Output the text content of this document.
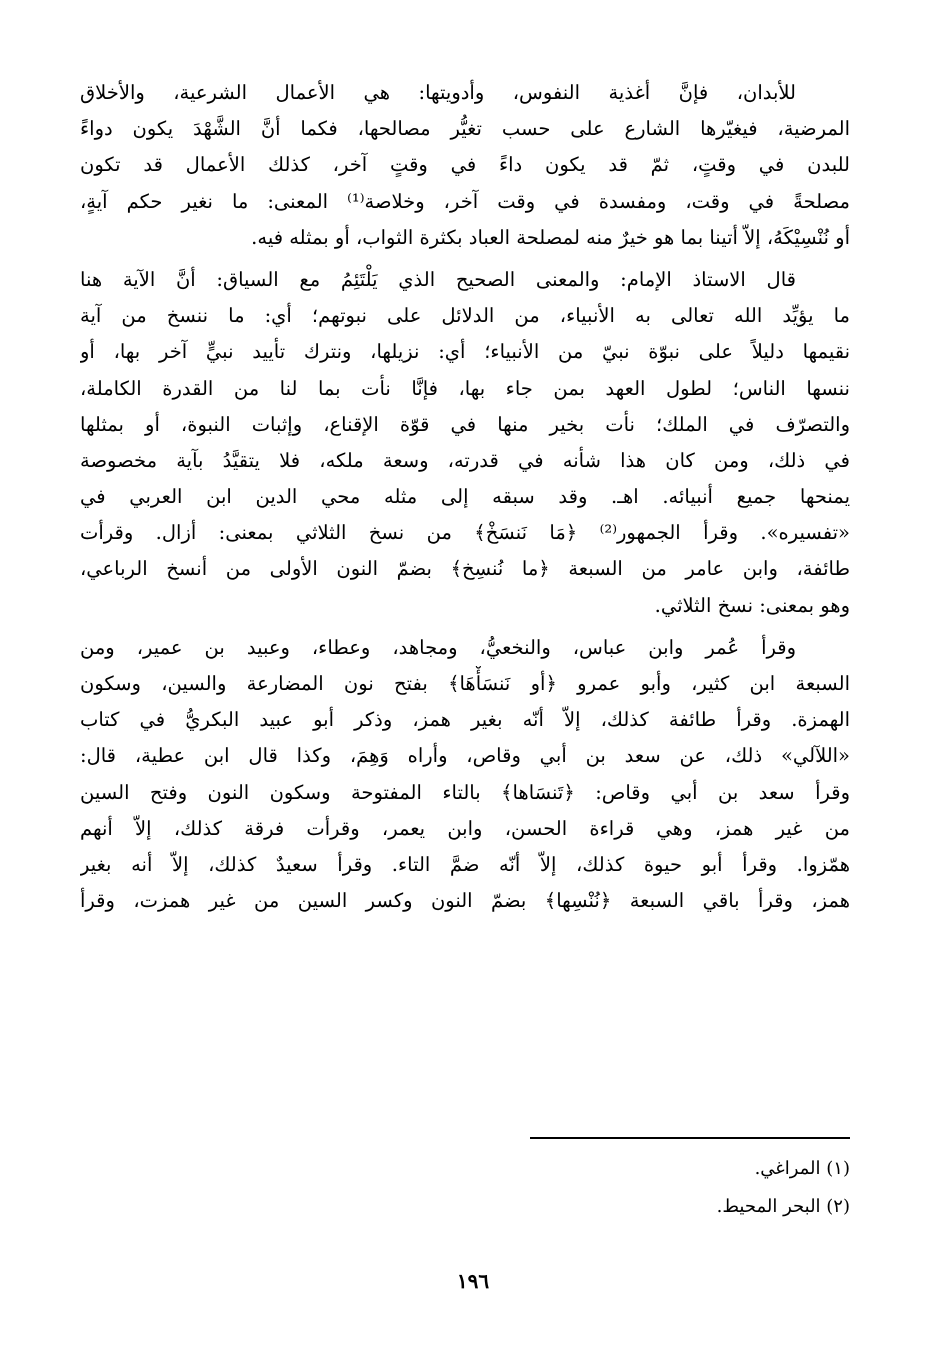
للأبدان، فإنَّ أغذية النفوس، وأدويتها: هي الأعمال الشرعية، والأخلاق
المرضية، فيغيّرها الشارع على حسب تغيُّر مصالحها، فكما أنَّ الشَّهْدَ يكون دواءً
للبدن في وقتٍ، ثمّ قد يكون داءً في وقتٍ آخر، كذلك الأعمال قد تكون
مصلحةً في وقت، ومفسدة في وقت آخر، وخلاصة⁽¹⁾ المعنى: ما نغير حكم آيةٍ،
أو نُنْسِيْكَهُ، إلاّ أتينا بما هو خيرٌ منه لمصلحة العباد بكثرة الثواب، أو بمثله فيه.

قال الاستاذ الإمام: والمعنى الصحيح الذي يَلْتَئِمُ مع السياق: أنَّ الآية هنا
ما يؤيِّد الله تعالى به الأنبياء، من الدلائل على نبوتهم؛ أي: ما ننسخ من آية
نقيمها دليلاً على نبوّة نبيّ من الأنبياء؛ أي: نزيلها، ونترك تأييد نبيٍّ آخر بها، أو
ننسها الناس؛ لطول العهد بمن جاء بها، فإنَّا نأت بما لنا من القدرة الكاملة،
والتصرّف في الملك؛ نأت بخير منها في قوّة الإقناع، وإثبات النبوة، أو بمثلها
في ذلك، ومن كان هذا شأنه في قدرته، وسعة ملكه، فلا يتقيَّدُ بآية مخصوصة
يمنحها جميع أنبيائه. اهـ. وقد سبقه إلى مثله محي الدين ابن العربي في
«تفسيره». وقرأ الجمهور⁽²⁾ ﴿مَا نَنسَخْ﴾ من نسخ الثلاثي بمعنى: أزال. وقرأت
طائفة، وابن عامر من السبعة ﴿ما نُنسِخ﴾ بضمّ النون الأولى من أنسخ الرباعي،
وهو بمعنى: نسخ الثلاثي.

وقرأ عُمر وابن عباس، والنخعيُّ، ومجاهد، وعطاء، وعبيد بن عمير، ومن
السبعة ابن كثير، وأبو عمرو ﴿أو نَنسَأْهَا﴾ بفتح نون المضارعة والسين، وسكون
الهمزة. وقرأ طائفة كذلك، إلاّ أنّه بغير همز، وذكر أبو عبيد البكريُّ في كتاب
«اللآلي» ذلك، عن سعد بن أبي وقاص، وأراه وَهِمَ، وكذا قال ابن عطية، قال:
وقرأ سعد بن أبي وقاص: ﴿تَنسَاها﴾ بالتاء المفتوحة وسكون النون وفتح السين
من غير همز، وهي قراءة الحسن، وابن يعمر، وقرأت فرقة كذلك، إلاّ أنهم
همّزوا. وقرأ أبو حيوة كذلك، إلاّ أنّه ضمَّ التاء. وقرأ سعيدٌ كذلك، إلاّ أنه بغير
همز، وقرأ باقي السبعة ﴿نُنْسِها﴾ بضمّ النون وكسر السين من غير همزت، وقرأ

(١) المراغي.
(٢) البحر المحيط.
١٩٦
